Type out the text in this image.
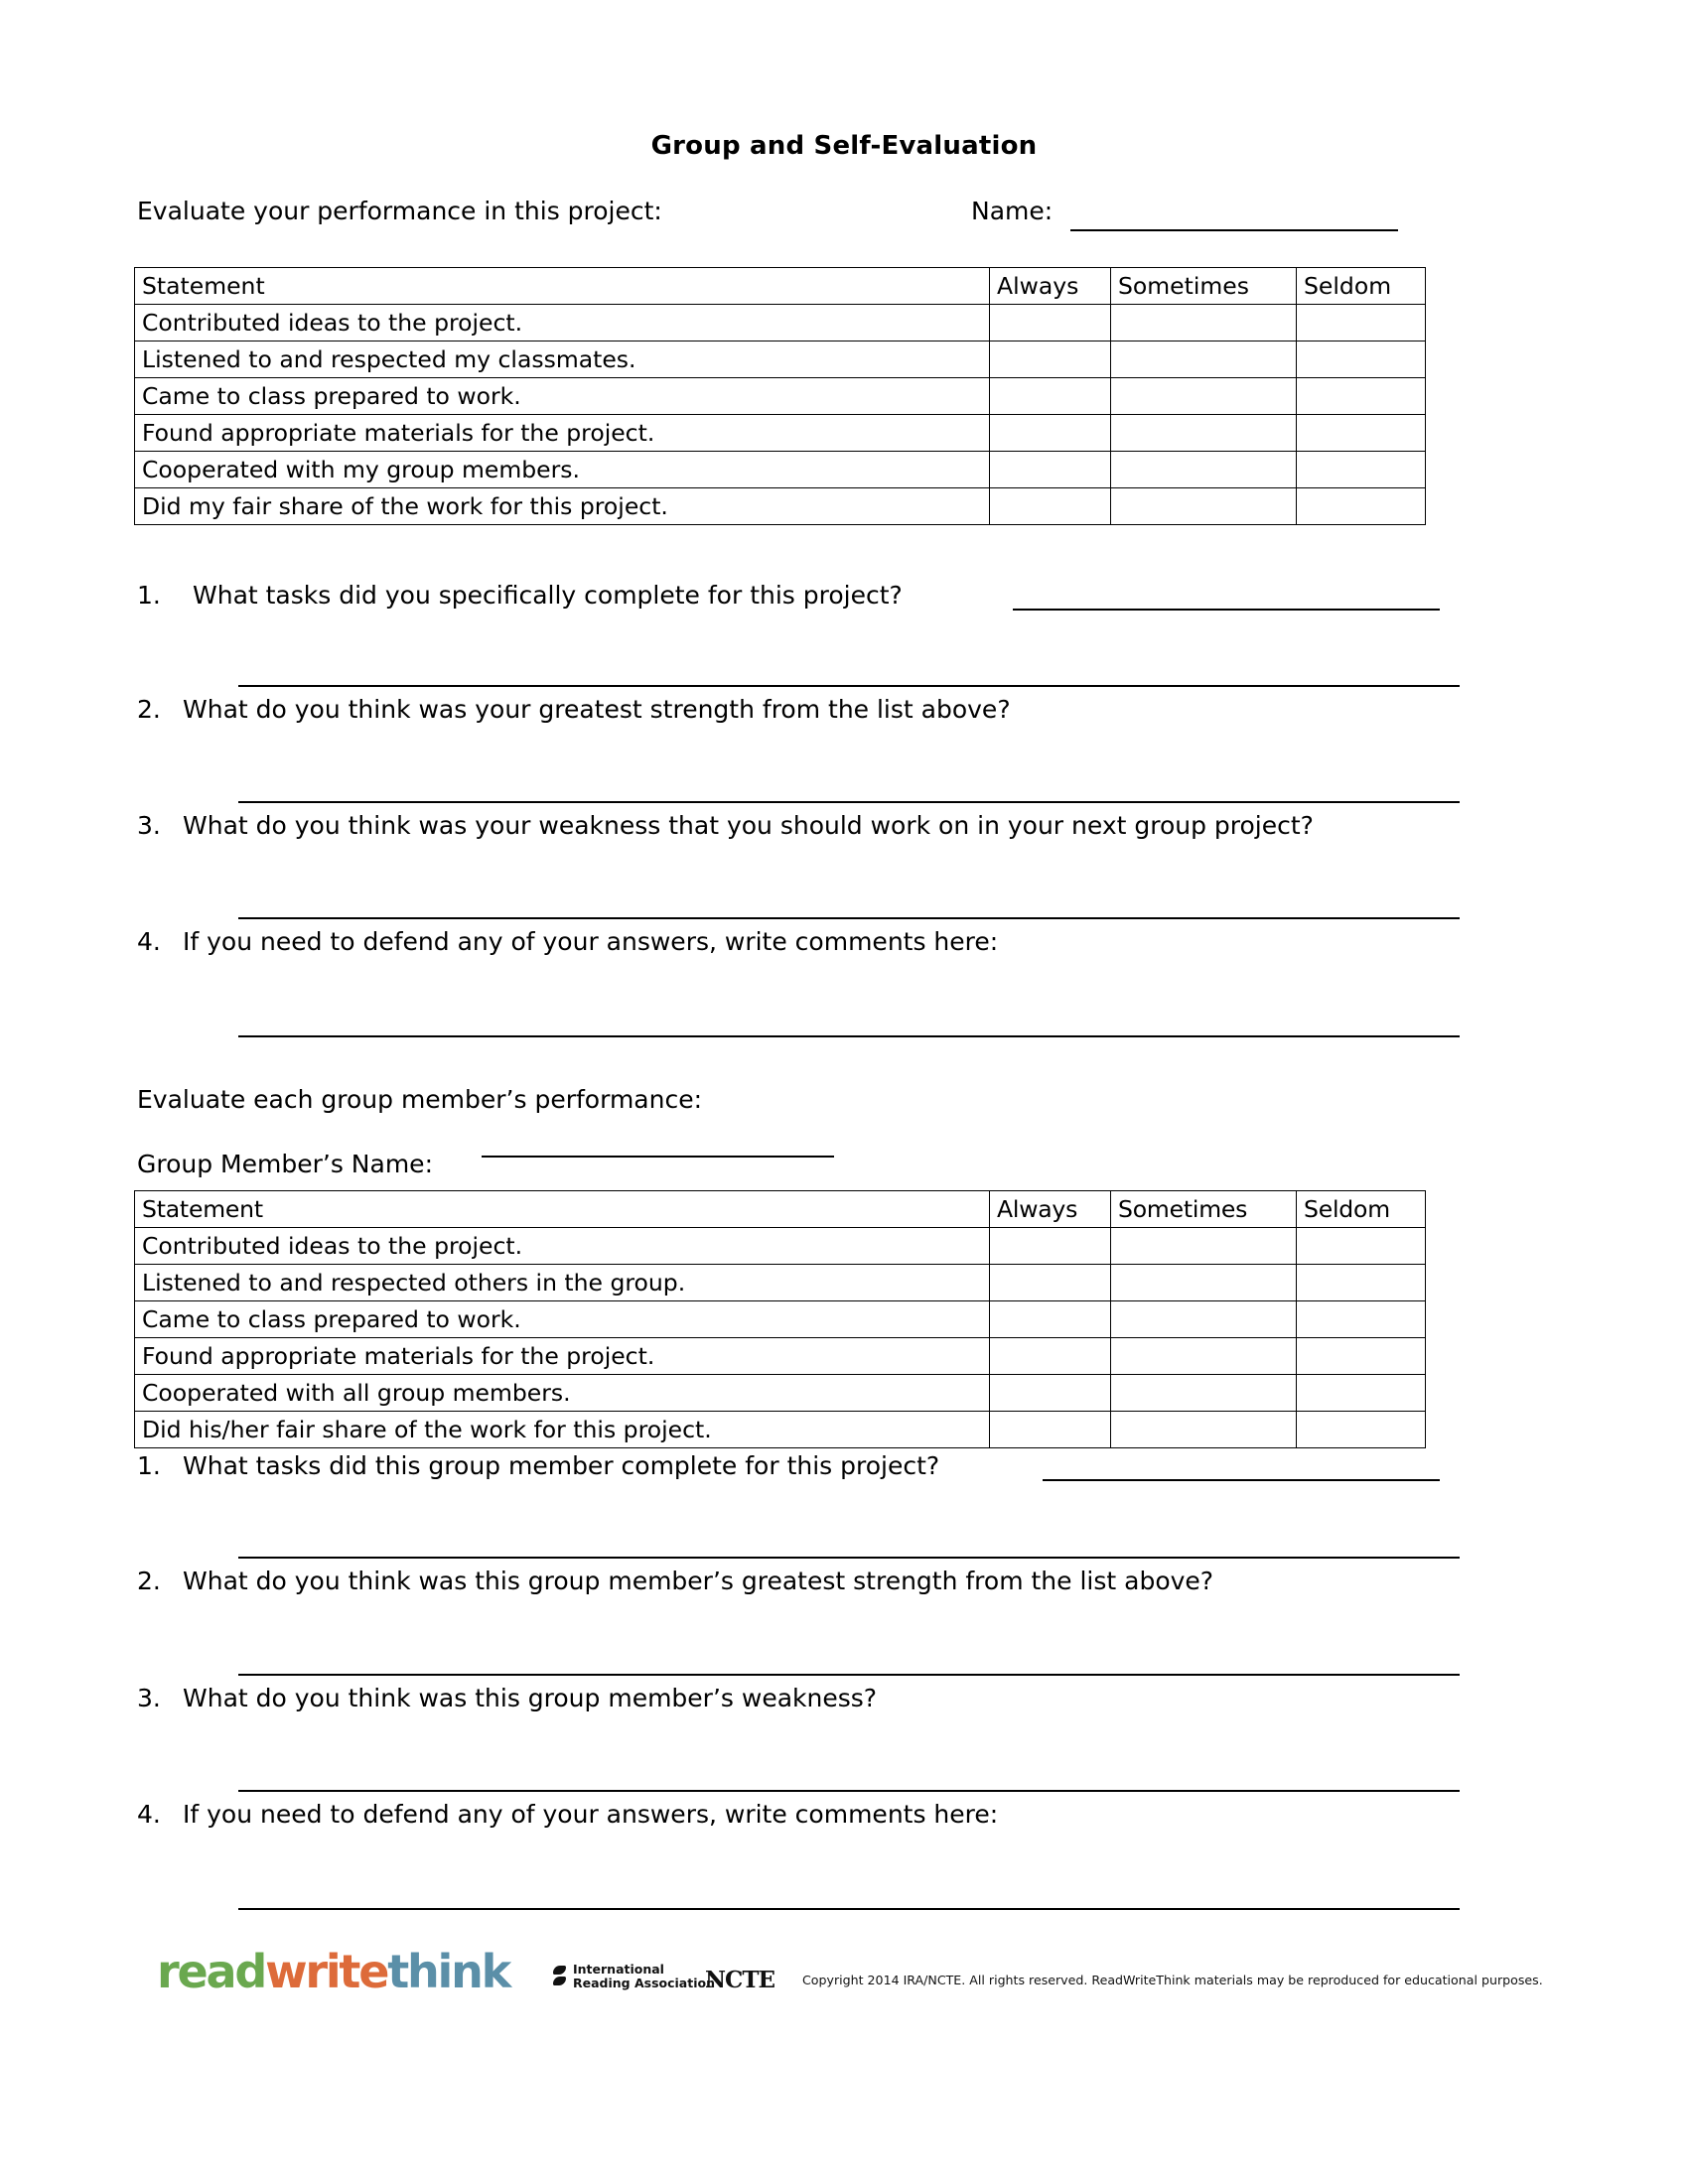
Group and Self-Evaluation
Evaluate your performance in this project:	Name:
Statement	Always	Sometimes	Seldom
Contributed ideas to the project.			
Listened to and respected my classmates.			
Came to class prepared to work.			
Found appropriate materials for the project.			
Cooperated with my group members.			
Did my fair share of the work for this project.			
1. What tasks did you specifically complete for this project?
2. What do you think was your greatest strength from the list above?
3. What do you think was your weakness that you should work on in your next group project?
4. If you need to defend any of your answers, write comments here:
Evaluate each group member’s performance:
Group Member’s Name:
Statement	Always	Sometimes	Seldom
Contributed ideas to the project.			
Listened to and respected others in the group.			
Came to class prepared to work.			
Found appropriate materials for the project.			
Cooperated with all group members.			
Did his/her fair share of the work for this project.			
1. What tasks did this group member complete for this project?
2. What do you think was this group member’s greatest strength from the list above?
3. What do you think was this group member’s weakness?
4. If you need to defend any of your answers, write comments here:
readwritethink	International
Reading Association
NCTE Copyright 2014 IRA/NCTE. All rights reserved. ReadWriteThink materials may be reproduced for educational purposes.
